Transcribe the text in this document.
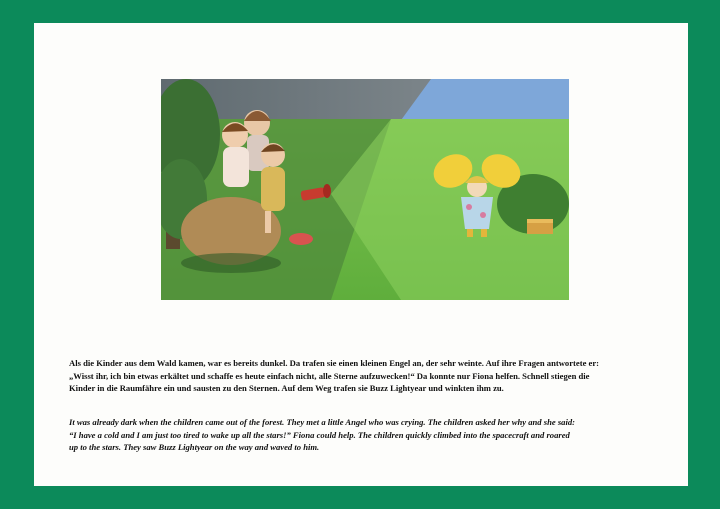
Als die Kinder aus dem Wald kamen, war es bereits dunkel. Da trafen sie einen kleinen Engel an, der sehr weinte. Auf ihre Fragen antwortete er:
„Wisst ihr, ich bin etwas erkältet und schaffe es heute einfach nicht, alle Sterne aufzuwecken!“ Da konnte nur Fiona helfen. Schnell stiegen die
Kinder in die Raumfähre ein und sausten zu den Sternen. Auf dem Weg trafen sie Buzz Lightyear und winkten ihm zu.

It was already dark when the children came out of the forest. They met a little Angel who was crying. The children asked her why and she said:
“I have a cold and I am just too tired to wake up all the stars!” Fiona could help. The children quickly climbed into the spacecraft and roared
up to the stars. They saw Buzz Lightyear on the way and waved to him.
